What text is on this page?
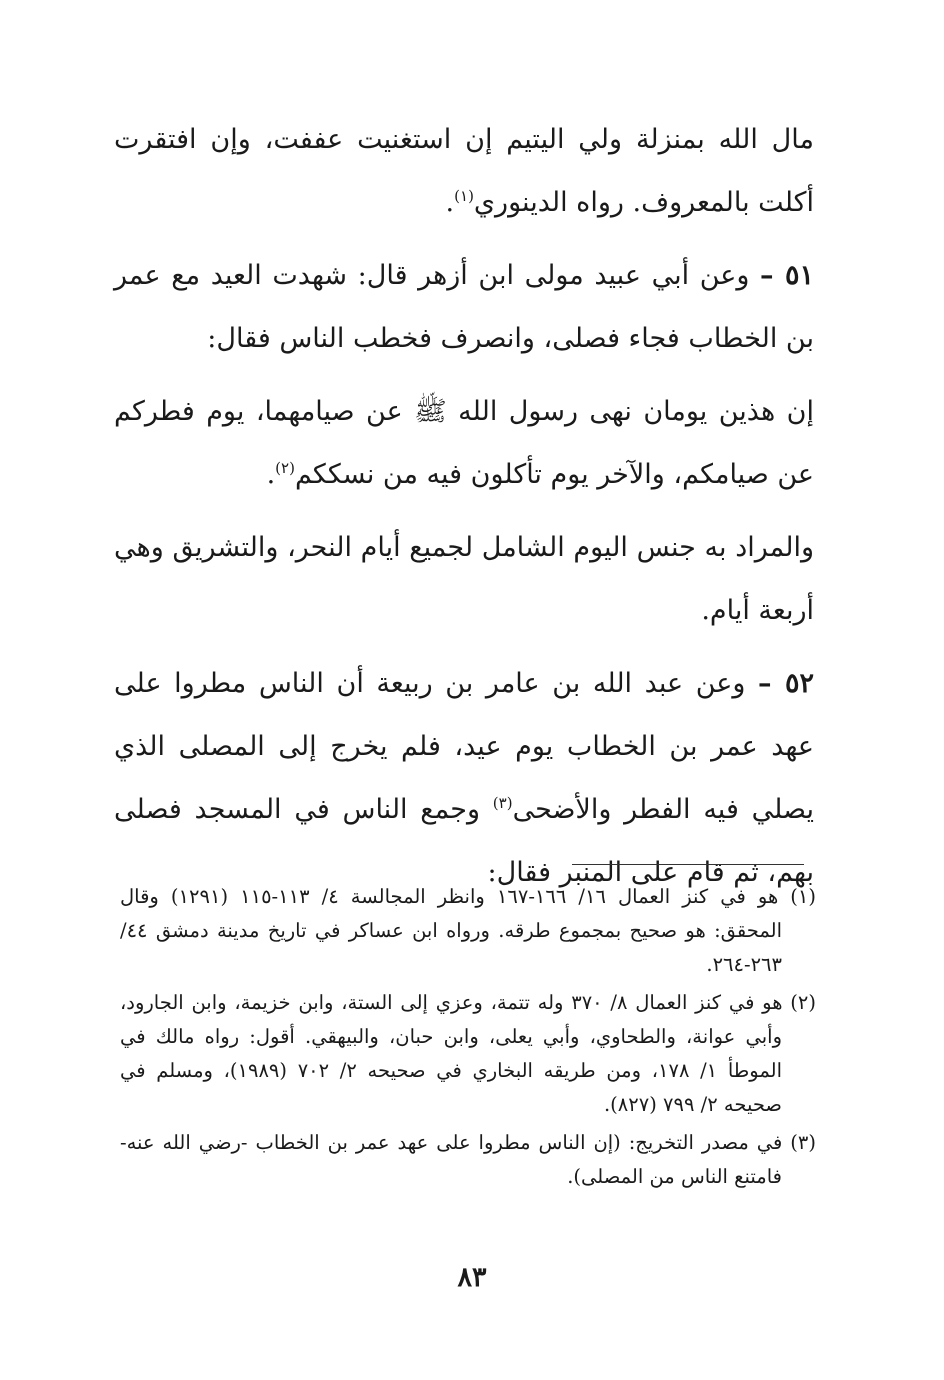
مال الله بمنزلة ولي اليتيم إن استغنيت عففت، وإن افتقرت أكلت بالمعروف. رواه الدينوري$^{(١)}$.

٥١ – وعن أبي عبيد مولى ابن أزهر قال: شهدت العيد مع عمر بن الخطاب فجاء فصلى، وانصرف فخطب الناس فقال:

إن هذين يومان نهى رسول الله ﷺ عن صيامهما، يوم فطركم عن صيامكم، والآخر يوم تأكلون فيه من نسككم$^{(٢)}$.

والمراد به جنس اليوم الشامل لجميع أيام النحر، والتشريق وهي أربعة أيام.

٥٢ – وعن عبد الله بن عامر بن ربيعة أن الناس مطروا على عهد عمر بن الخطاب يوم عيد، فلم يخرج إلى المصلى الذي يصلي فيه الفطر والأضحى$^{(٣)}$ وجمع الناس في المسجد فصلى بهم، ثم قام على المنبر فقال:

(١) هو في كنز العمال ١٦/ ١٦٦-١٦٧ وانظر المجالسة ٤/ ١١٣-١١٥ (١٢٩١) وقال المحقق: هو صحيح بمجموع طرقه. ورواه ابن عساكر في تاريخ مدينة دمشق ٤٤/ ٢٦٣-٢٦٤.

(٢) هو في كنز العمال ٨/ ٣٧٠ وله تتمة، وعزي إلى الستة، وابن خزيمة، وابن الجارود، وأبي عوانة، والطحاوي، وأبي يعلى، وابن حبان، والبيهقي. أقول: رواه مالك في الموطأ ١/ ١٧٨، ومن طريقه البخاري في صحيحه ٢/ ٧٠٢ (١٩٨٩)، ومسلم في صحيحه ٢/ ٧٩٩ (٨٢٧).

(٣) في مصدر التخريج: (إن الناس مطروا على عهد عمر بن الخطاب -رضي الله عنه- فامتنع الناس من المصلى).

٨٣
